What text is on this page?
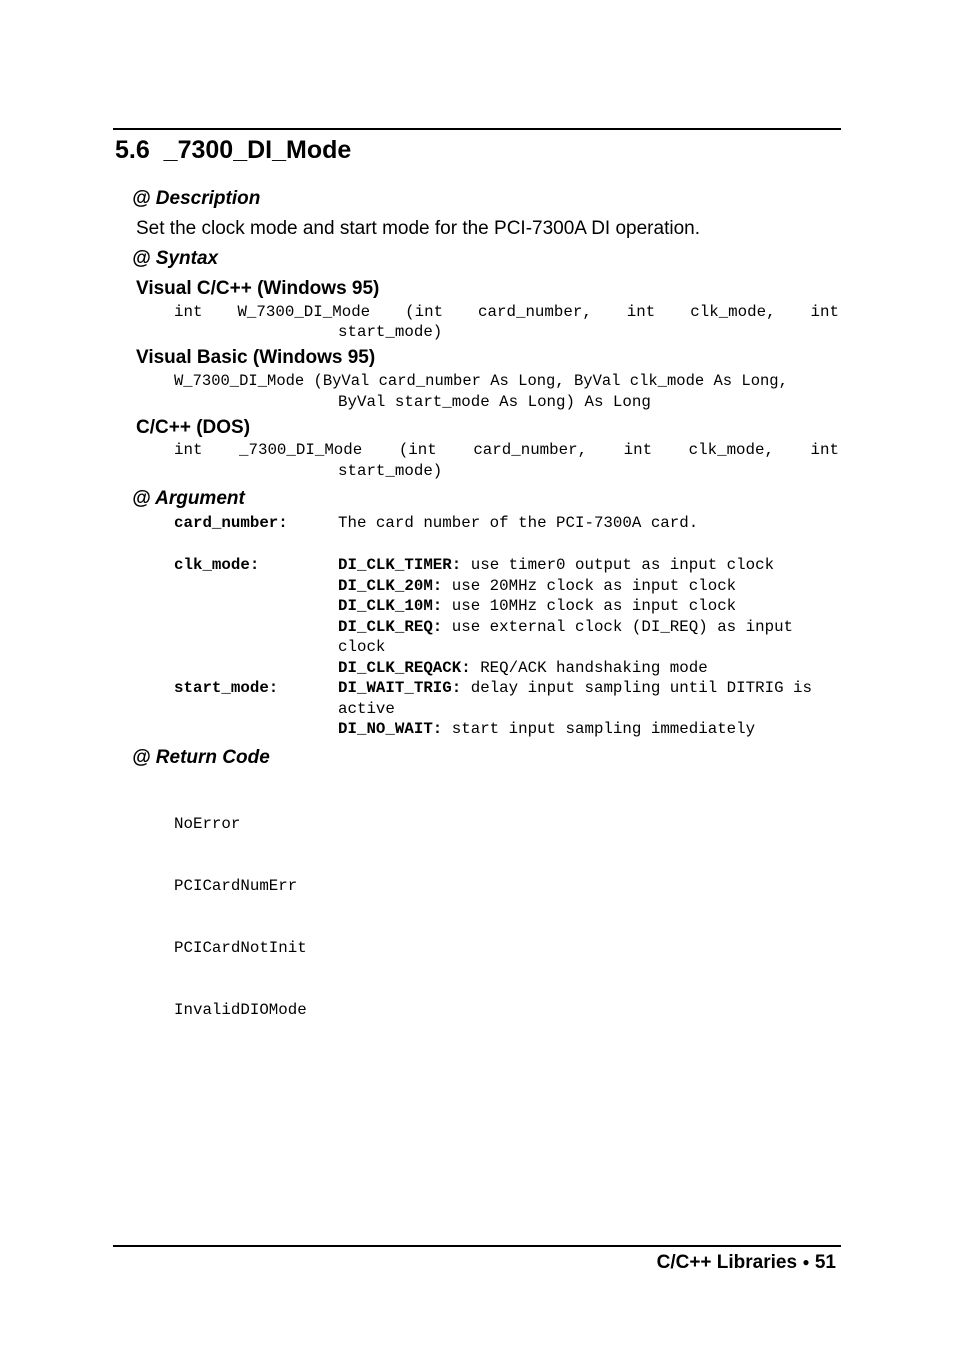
5.6 _7300_DI_Mode
@ Description
Set the clock mode and start mode for the PCI-7300A DI operation.
@ Syntax
Visual C/C++ (Windows 95)
int W_7300_DI_Mode (int card_number, int clk_mode, int
start_mode)
Visual Basic (Windows 95)
W_7300_DI_Mode (ByVal card_number As Long, ByVal clk_mode As Long,
ByVal start_mode As Long) As Long
C/C++ (DOS)
int _7300_DI_Mode (int card_number, int clk_mode, int
start_mode)
@ Argument
card_number:	The card number of the PCI-7300A card.
clk_mode:	DI_CLK_TIMER: use timer0 output as input clock
DI_CLK_20M: use 20MHz clock as input clock
DI_CLK_10M: use 10MHz clock as input clock
DI_CLK_REQ: use external clock (DI_REQ) as input clock
DI_CLK_REQACK: REQ/ACK handshaking mode
start_mode:	DI_WAIT_TRIG: delay input sampling until DITRIG is active
DI_NO_WAIT: start input sampling immediately
@ Return Code

NoError

PCICardNumErr

PCICardNotInit

InvalidDIOMode

C/C++ Libraries ● 51
